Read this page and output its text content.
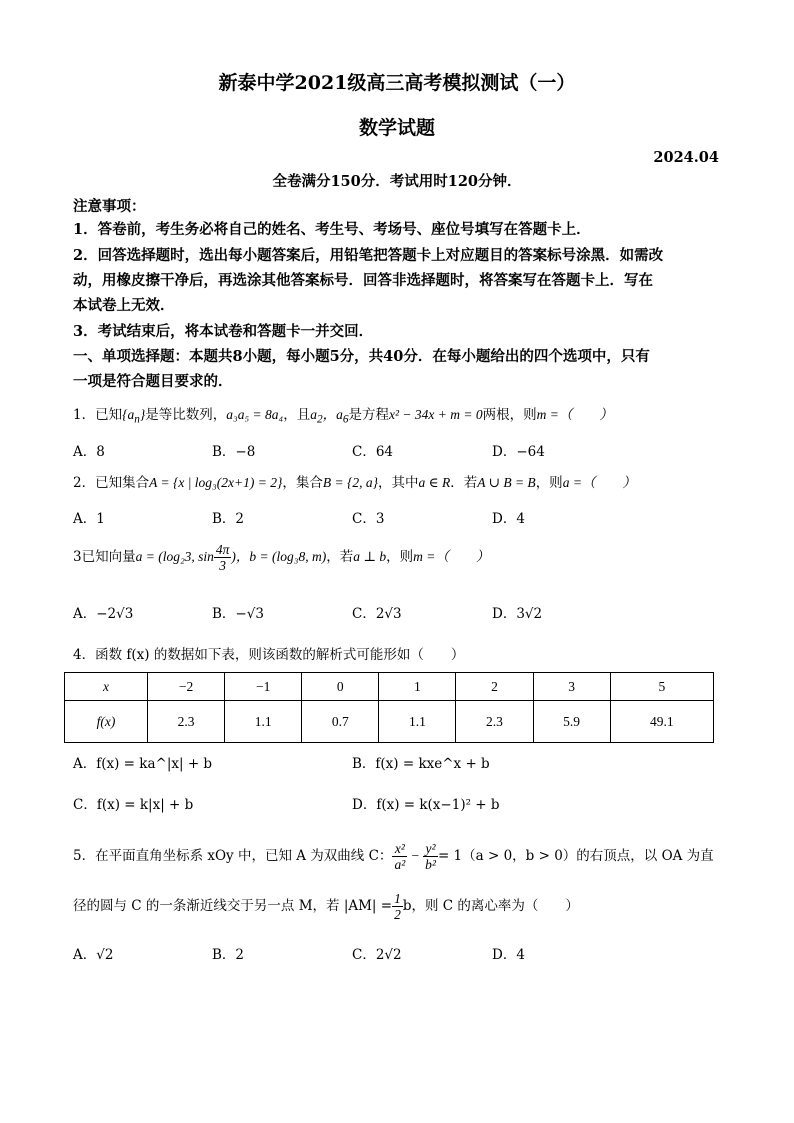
新泰中学2021级高三高考模拟测试（一）
数学试题
2024.04
全卷满分150分．考试用时120分钟．
注意事项：
1．答卷前，考生务必将自己的姓名、考生号、考场号、座位号填写在答题卡上．
2．回答选择题时，选出每小题答案后，用铅笔把答题卡上对应题目的答案标号涂黑．如需改
动，用橡皮擦干净后，再选涂其他答案标号．回答非选择题时，将答案写在答题卡上．写在
本试卷上无效．
3．考试结束后，将本试卷和答题卡一并交回．
一、单项选择题：本题共8小题，每小题5分，共40分．在每小题给出的四个选项中，只有
一项是符合题目要求的．
1．已知$\{a_n\}$是等比数列，a₃a₅ = 8a₄，且$a_2$，$a_6$是方程x² − 34x + m = 0两根，则m =（　　）
A．8	B．−8	C．64	D．−64
2．已知集合A = {x | log₃(2x+1) = 2}，集合B = {2, a}，其中a ∈ R．若A ∪ B = B，则a =（　　）
A．1	B．2	C．3	D．4
3已知向量a = (log₂3, $\sin \frac{4\pi}{3}$ )，b = (log₃8, m)，若a ⊥ b，则m =（　　）
A．−2√3	B．−√3	C．2√3	D．3√2
4．函数 f(x) 的数据如下表，则该函数的解析式可能形如（　　）
x	−2	−1	0	1	2	3	5
f(x)	2.3	1.1	0.7	1.1	2.3	5.9	49.1
A．f(x) = ka^|x| + b	B．f(x) = kxe^x + b
C．f(x) = k|x| + b	D．f(x) = k(x−1)² + b
5．在平面直角坐标系 xOy 中，已知 A 为双曲线 C： $\frac{\text{x²}}{\text{a²}} - \frac{\text{y²}}{\text{b²}} = 1(a > 0$，b > 0）的右顶点，以 OA 为直
径的圆与 C 的一条渐近线交于另一点 M，若 $|AM| = \frac{1}{2}$ b，则 C 的离心率为（　　）
A．√2	B．2	C．2√2	D．4
